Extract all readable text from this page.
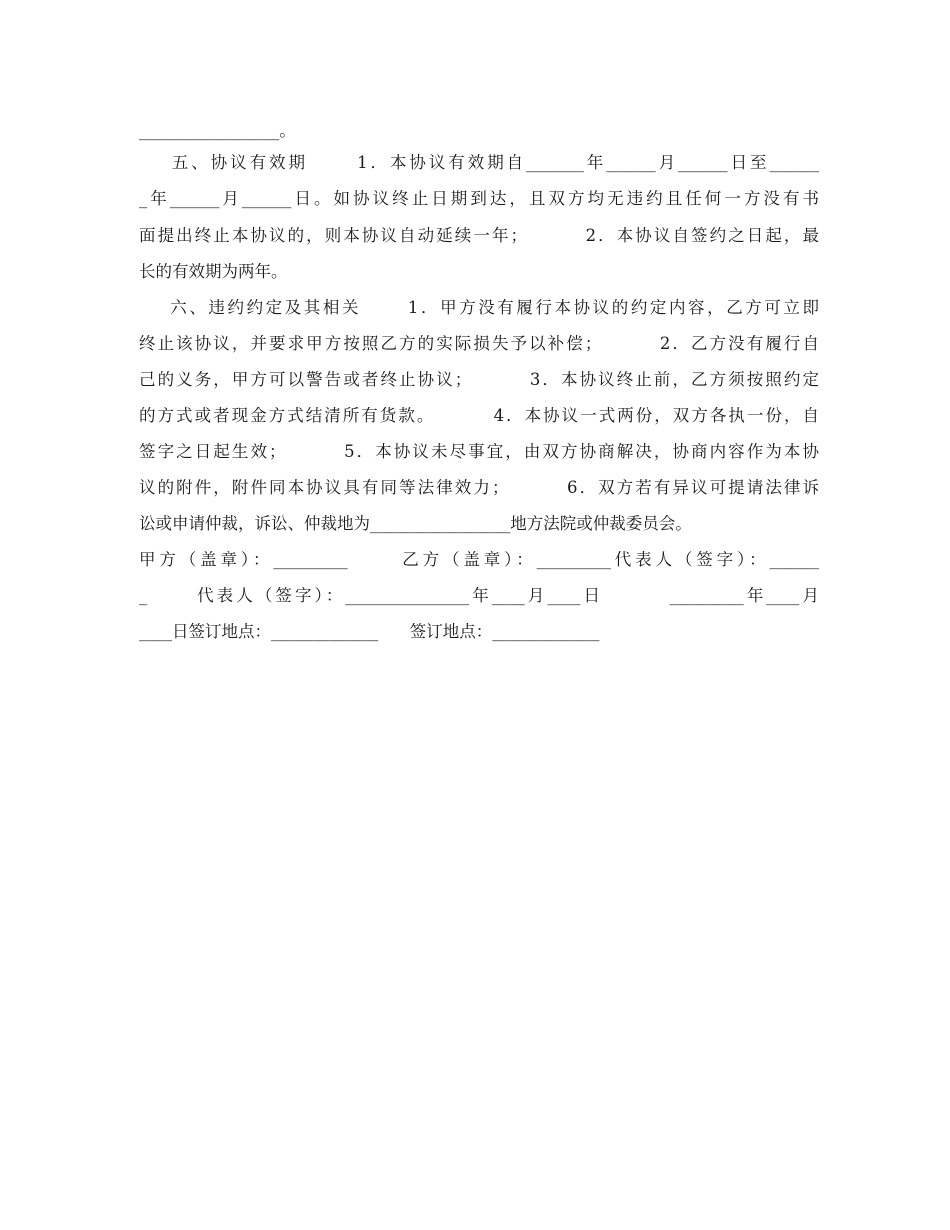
_________________。
五、协议有效期      1．本协议有效期自_______年______月______日至______
_年______月______日。如协议终止日期到达，且双方均无违约且任何一方没有书
面提出终止本协议的，则本协议自动延续一年；        2．本协议自签约之日起，最
长的有效期为两年。
六、违约约定及其相关      1．甲方没有履行本协议的约定内容，乙方可立即
终止该协议，并要求甲方按照乙方的实际损失予以补偿；        2．乙方没有履行自
己的义务，甲方可以警告或者终止协议；        3．本协议终止前，乙方须按照约定
的方式或者现金方式结清所有货款。        4．本协议一式两份，双方各执一份，自
签字之日起生效；        5．本协议未尽事宜，由双方协商解决，协商内容作为本协
议的附件，附件同本协议具有同等法律效力；        6．双方若有异议可提请法律诉
讼或申请仲裁，诉讼、仲裁地为_________________地方法院或仲裁委员会。
甲方（盖章）：_________      乙方（盖章）：_________代表人（签字）：______
_      代表人（签字）：_______________年____月____日        _________年____月
____日签订地点：_____________      签订地点：_____________
